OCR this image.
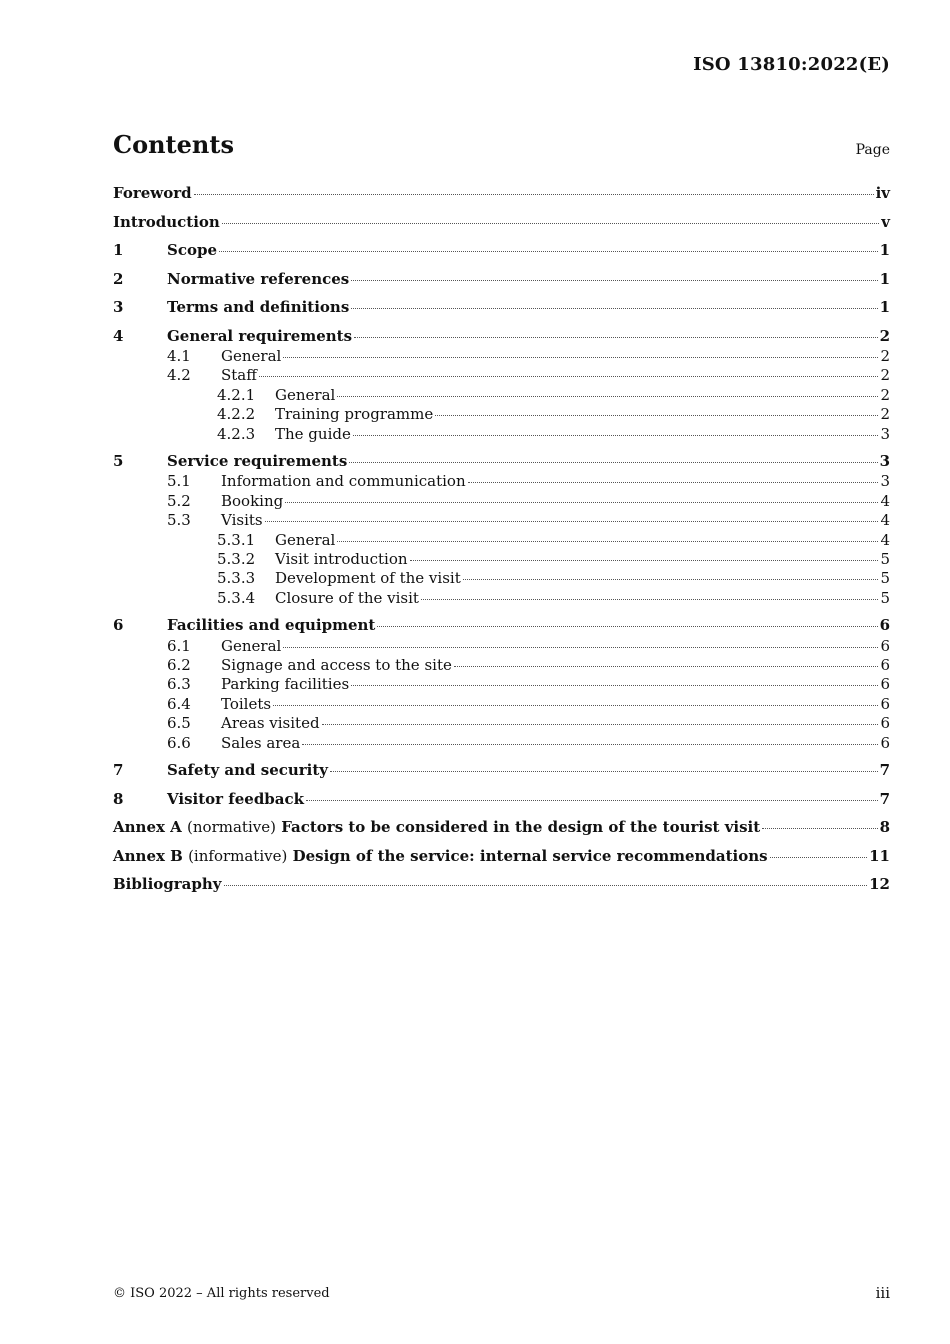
ISO 13810:2022(E)
Contents	Page
Foreword	iv
Introduction	v
1	Scope	1
2	Normative references	1
3	Terms and definitions	1
4	General requirements	2
4.1	General	2
4.2	Staff	2
4.2.1	General	2
4.2.2	Training programme	2
4.2.3	The guide	3
5	Service requirements	3
5.1	Information and communication	3
5.2	Booking	4
5.3	Visits	4
5.3.1	General	4
5.3.2	Visit introduction	5
5.3.3	Development of the visit	5
5.3.4	Closure of the visit	5
6	Facilities and equipment	6
6.1	General	6
6.2	Signage and access to the site	6
6.3	Parking facilities	6
6.4	Toilets	6
6.5	Areas visited	6
6.6	Sales area	6
7	Safety and security	7
8	Visitor feedback	7
Annex A (normative) Factors to be considered in the design of the tourist visit	8
Annex B (informative) Design of the service: internal service recommendations	11
Bibliography	12
© ISO 2022 – All rights reserved	iii
